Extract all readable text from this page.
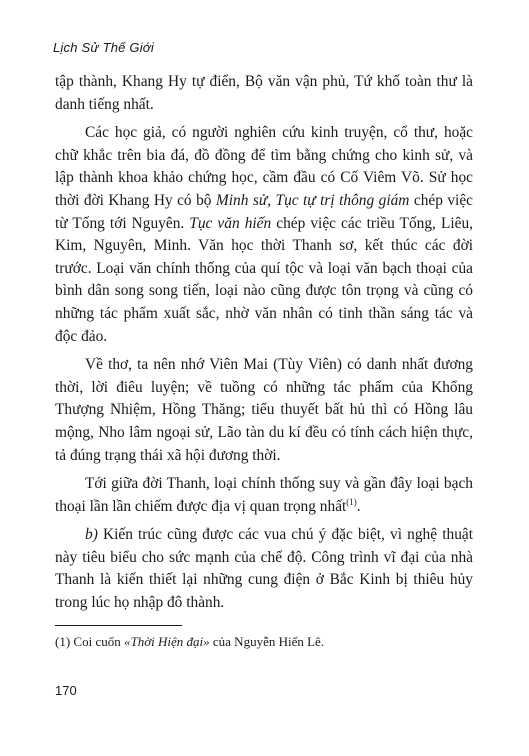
Lịch Sử Thế Giới

tập thành, Khang Hy tự điển, Bộ văn vận phủ, Tứ khố toàn thư là danh tiếng nhất.

Các học giả, có người nghiên cứu kinh truyện, cổ thư, hoặc chữ khắc trên bia đá, đồ đồng để tìm bằng chứng cho kinh sử, và lập thành khoa khảo chứng học, cầm đầu có Cố Viêm Võ. Sử học thời đời Khang Hy có bộ Minh sử, Tục tự trị thông giám chép việc từ Tống tới Nguyên. Tục văn hiến chép việc các triều Tống, Liêu, Kim, Nguyên, Minh. Văn học thời Thanh sơ, kết thúc các đời trước. Loại văn chính thống của quí tộc và loại văn bạch thoại của bình dân song song tiến, loại nào cũng được tôn trọng và cũng có những tác phẩm xuất sắc, nhờ văn nhân có tinh thần sáng tác và độc đảo.

Về thơ, ta nên nhớ Viên Mai (Tùy Viên) có danh nhất đương thời, lời điêu luyện; về tuồng có những tác phẩm của Khổng Thượng Nhiệm, Hồng Thăng; tiểu thuyết bất hủ thì có Hồng lâu mộng, Nho lâm ngoại sử, Lão tàn du kí đều có tính cách hiện thực, tả đúng trạng thái xã hội đương thời.

Tới giữa đời Thanh, loại chính thống suy và gần đây loại bạch thoại lần lần chiếm được địa vị quan trọng nhất$^{(1)}$.

b) Kiến trúc cũng được các vua chú ý đặc biệt, vì nghệ thuật này tiêu biểu cho sức mạnh của chế độ. Công trình vĩ đại của nhà Thanh là kiến thiết lại những cung điện ở Bắc Kinh bị thiêu hủy trong lúc họ nhập đô thành.

(1) Coi cuốn «Thời Hiện đại» của Nguyễn Hiến Lê.
170
